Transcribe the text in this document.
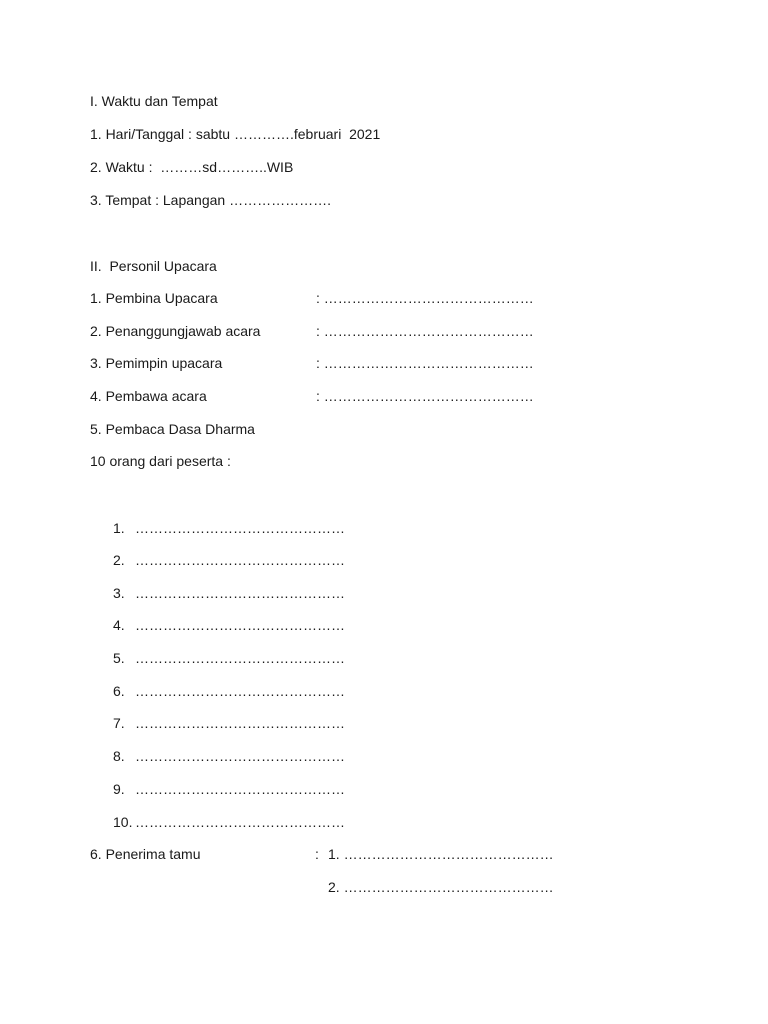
I. Waktu dan Tempat
1. Hari/Tanggal : sabtu ………….februari  2021
2. Waktu :  ………sd………..WIB
3. Tempat : Lapangan ………………….
II.  Personil Upacara
1. Pembina Upacara	: ………………………………………
2. Penanggungjawab acara	: ………………………………………
3. Pemimpin upacara	: ………………………………………
4. Pembawa acara	: ………………………………………
5. Pembaca Dasa Dharma
10 orang dari peserta :
1. ………………………………………
2. ………………………………………
3. ………………………………………
4. ………………………………………
5. ………………………………………
6. ………………………………………
7. ………………………………………
8. ………………………………………
9. ………………………………………
10. ………………………………………
6. Penerima tamu	: 1. ………………………………………
2. ………………………………………
